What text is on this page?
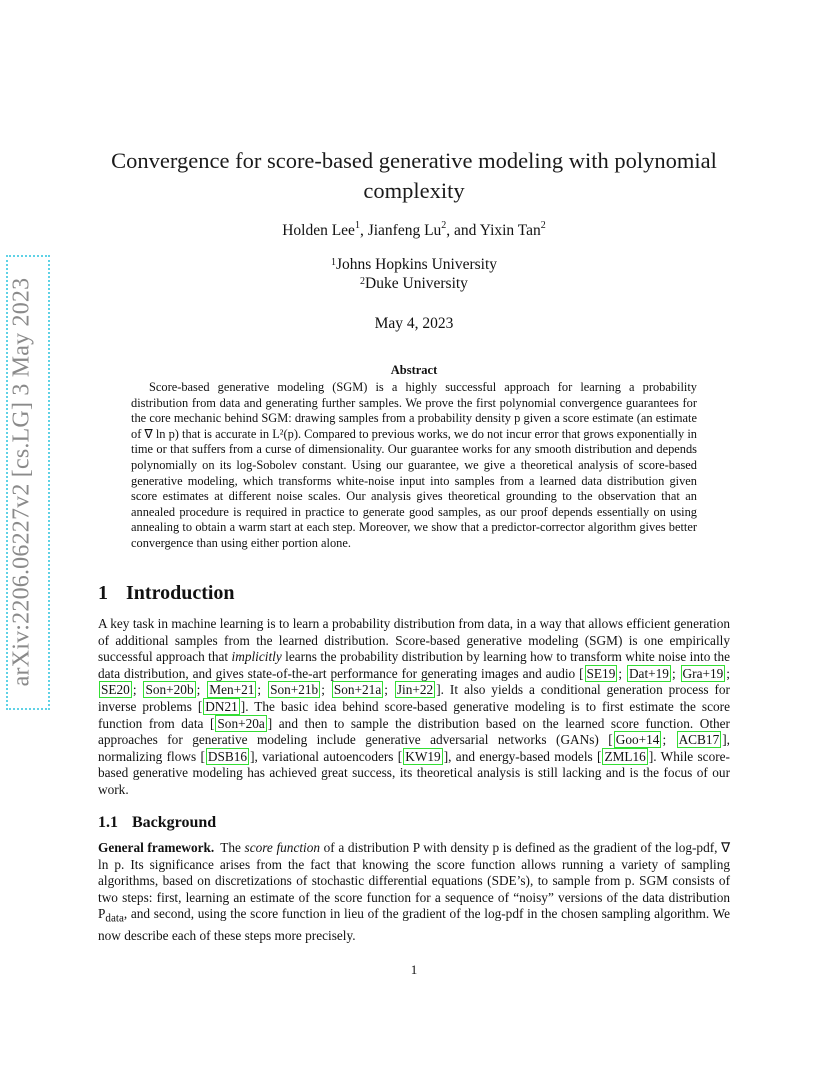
arXiv:2206.06227v2 [cs.LG] 3 May 2023
Convergence for score-based generative modeling with polynomial complexity
Holden Lee$^1$, Jianfeng Lu$^2$, and Yixin Tan$^2$
$^1$Johns Hopkins University
$^2$Duke University
May 4, 2023
Abstract

Score-based generative modeling (SGM) is a highly successful approach for learning a probability distribution from data and generating further samples. We prove the first polynomial convergence guarantees for the core mechanic behind SGM: drawing samples from a probability density p given a score estimate (an estimate of ∇ ln p) that is accurate in L²(p). Compared to previous works, we do not incur error that grows exponentially in time or that suffers from a curse of dimensionality. Our guarantee works for any smooth distribution and depends polynomially on its log-Sobolev constant. Using our guarantee, we give a theoretical analysis of score-based generative modeling, which transforms white-noise input into samples from a learned data distribution given score estimates at different noise scales. Our analysis gives theoretical grounding to the observation that an annealed procedure is required in practice to generate good samples, as our proof depends essentially on using annealing to obtain a warm start at each step. Moreover, we show that a predictor-corrector algorithm gives better convergence than using either portion alone.

1 Introduction

A key task in machine learning is to learn a probability distribution from data, in a way that allows efficient generation of additional samples from the learned distribution. Score-based generative modeling (SGM) is one empirically successful approach that implicitly learns the probability distribution by learning how to transform white noise into the data distribution, and gives state-of-the-art performance for generating images and audio [ SE19 ; Dat+19 ; Gra+19 ; SE20 ; Son+20b ; Men+21 ; Son+21b ; Son+21a ; Jin+22 ]. It also yields a conditional generation process for inverse problems [ DN21 ]. The basic idea behind score-based generative modeling is to first estimate the score function from data [ Son+20a ] and then to sample the distribution based on the learned score function. Other approaches for generative modeling include generative adversarial networks (GANs) [ Goo+14 ; ACB17 ], normalizing flows [ DSB16 ], variational autoencoders [ KW19 ], and energy-based models [ ZML16 ]. While score-based generative modeling has achieved great success, its theoretical analysis is still lacking and is the focus of our work.

1.1 Background

General framework. The score function of a distribution P with density p is defined as the gradient of the log-pdf, ∇ ln p. Its significance arises from the fact that knowing the score function allows running a variety of sampling algorithms, based on discretizations of stochastic differential equations (SDE’s), to sample from p. SGM consists of two steps: first, learning an estimate of the score function for a sequence of “noisy” versions of the data distribution $P_{data}$, and second, using the score function in lieu of the gradient of the log-pdf in the chosen sampling algorithm. We now describe each of these steps more precisely.

1
